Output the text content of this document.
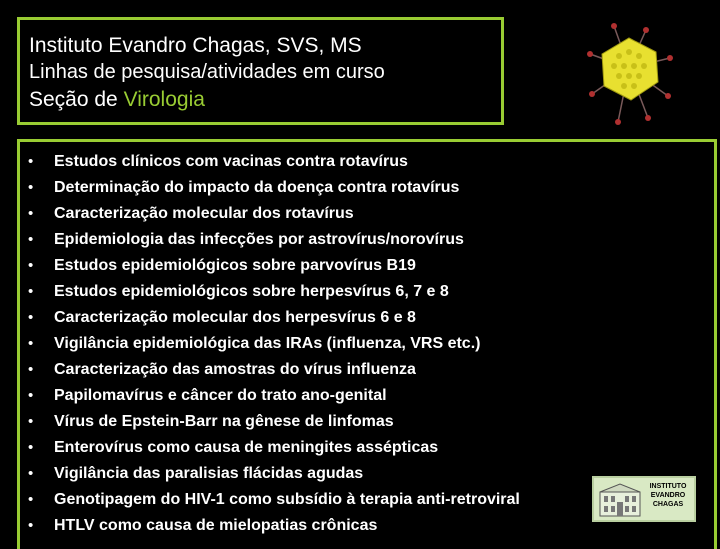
Instituto Evandro Chagas, SVS, MS
Linhas de pesquisa/atividades em curso
Seção de Virologia
•	Estudos clínicos com vacinas contra rotavírus
•	Determinação do impacto da doença contra rotavírus
•	Caracterização molecular dos rotavírus
•	Epidemiologia das infecções por astrovírus/norovírus
•	Estudos epidemiológicos sobre parvovírus B19
•	Estudos epidemiológicos sobre herpesvírus 6, 7 e 8
•	Caracterização molecular dos herpesvírus 6 e 8
•	Vigilância epidemiológica das IRAs (influenza, VRS etc.)
•	Caracterização das amostras do vírus influenza
•	Papilomavírus e câncer do trato ano-genital
•	Vírus de Epstein-Barr na gênese de linfomas
•	Enterovírus como causa de meningites assépticas
•	Vigilância das paralisias flácidas agudas
•	Genotipagem do HIV-1 como subsídio à terapia anti-retroviral
•	HTLV como causa de mielopatias crônicas
INSTITUTO
EVANDRO
CHAGAS
